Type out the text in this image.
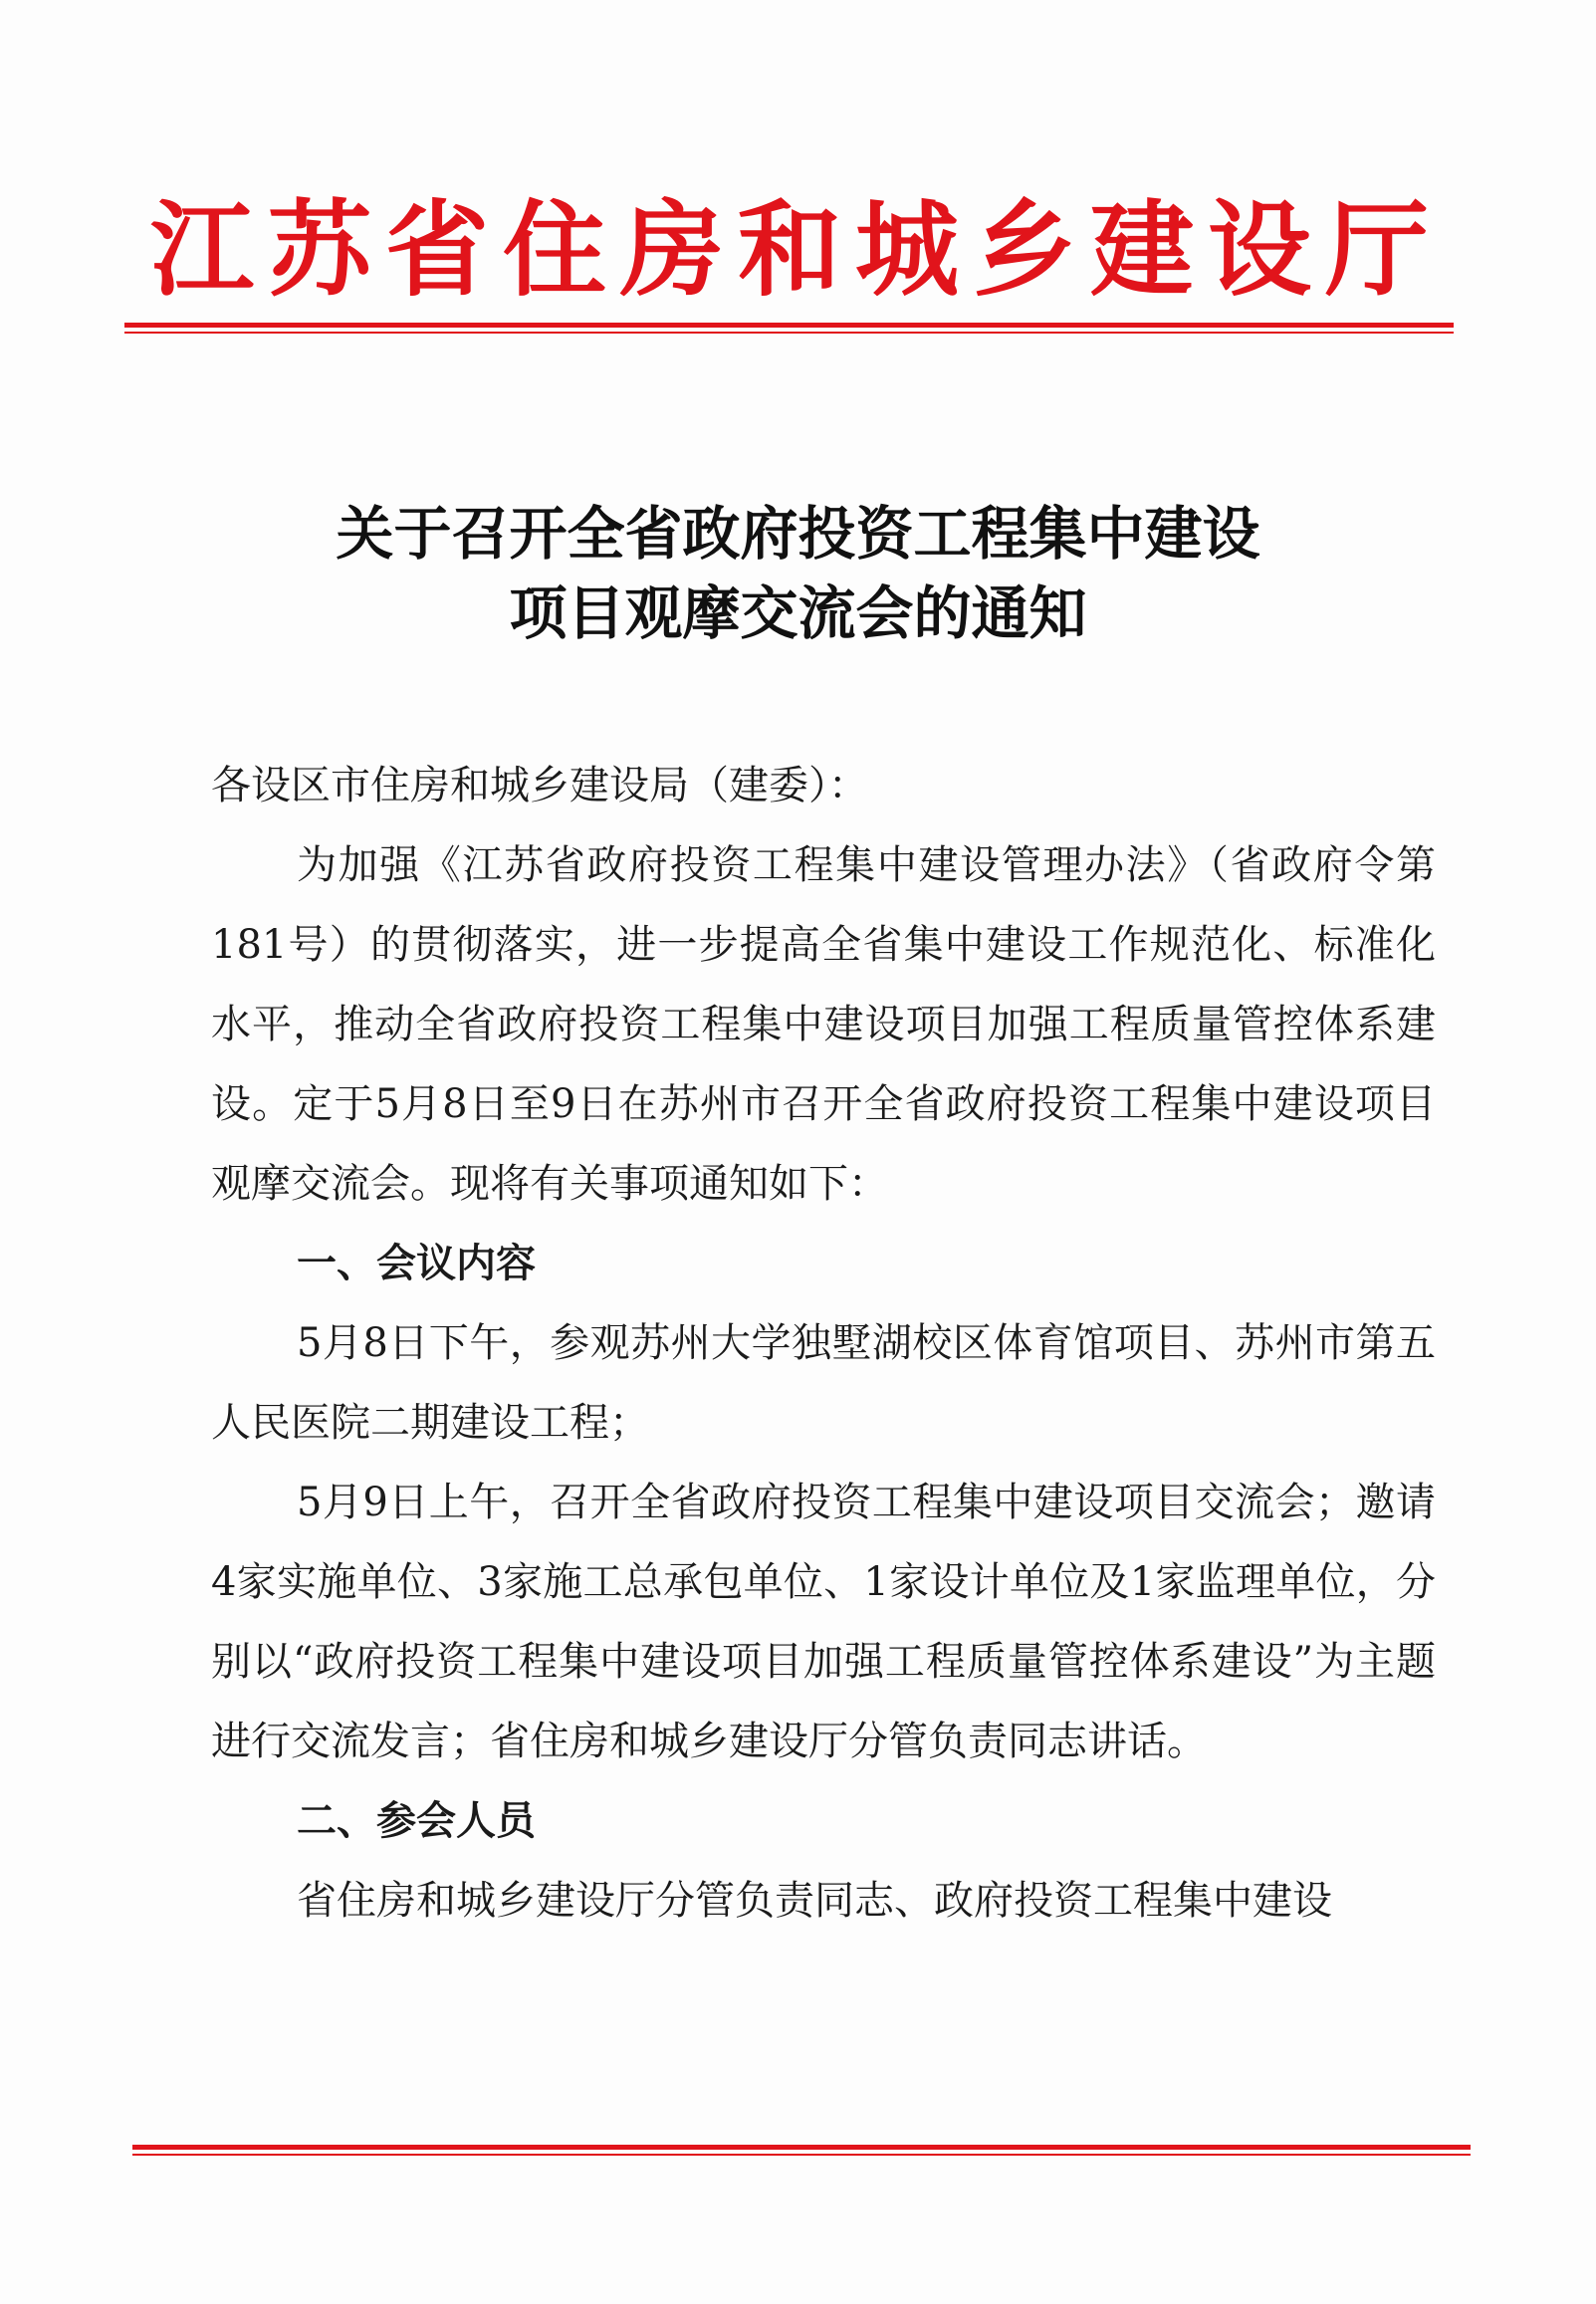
江苏省住房和城乡建设厅
关于召开全省政府投资工程集中建设
项目观摩交流会的通知

各设区市住房和城乡建设局（建委）：

为加强《江苏省政府投资工程集中建设管理办法》（省政府令第181号）的贯彻落实，进一步提高全省集中建设工作规范化、标准化水平，推动全省政府投资工程集中建设项目加强工程质量管控体系建设。定于5月8日至9日在苏州市召开全省政府投资工程集中建设项目观摩交流会。现将有关事项通知如下：

一、会议内容

5月8日下午，参观苏州大学独墅湖校区体育馆项目、苏州市第五人民医院二期建设工程；

5月9日上午，召开全省政府投资工程集中建设项目交流会；邀请4家实施单位、3家施工总承包单位、1家设计单位及1家监理单位，分别以“政府投资工程集中建设项目加强工程质量管控体系建设”为主题进行交流发言；省住房和城乡建设厅分管负责同志讲话。

二、参会人员

省住房和城乡建设厅分管负责同志、政府投资工程集中建设
